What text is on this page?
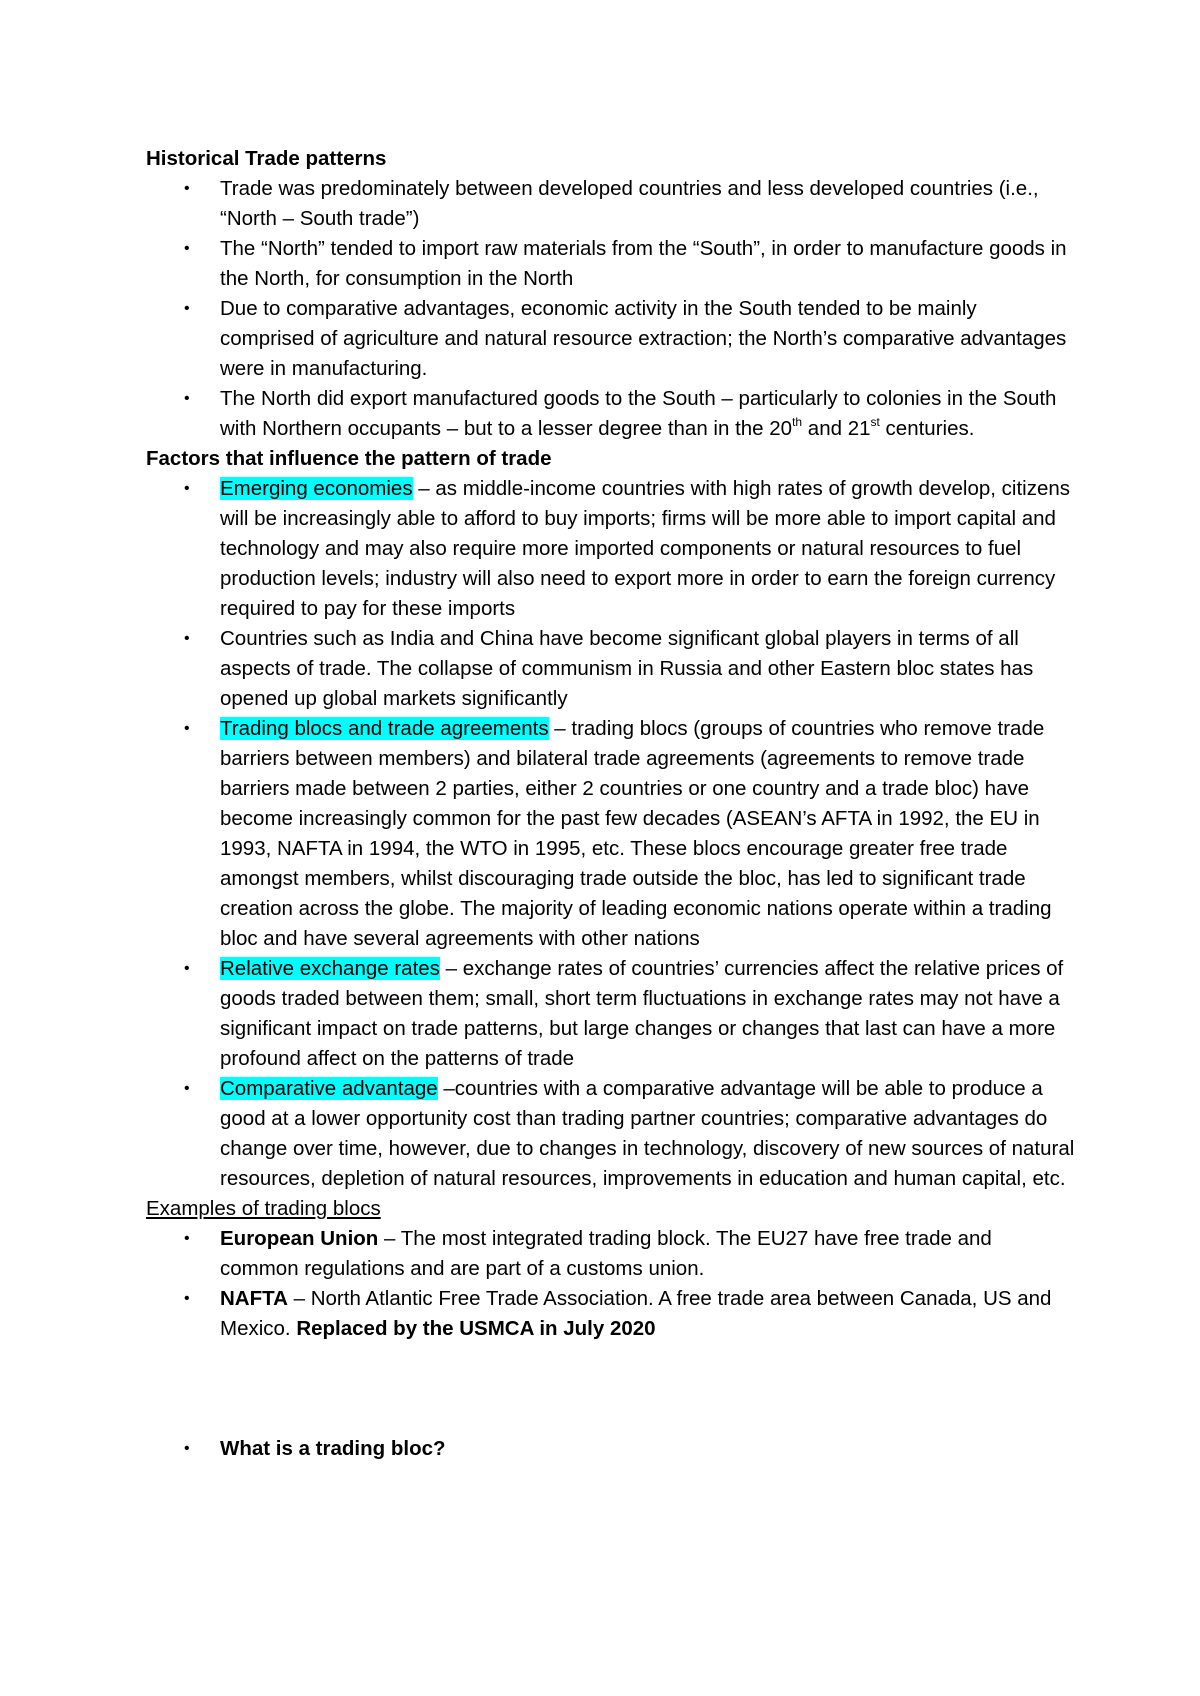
Historical Trade patterns

• Trade was predominately between developed countries and less developed countries (i.e., “North – South trade”)
• The “North” tended to import raw materials from the “South”, in order to manufacture goods in the North, for consumption in the North
• Due to comparative advantages, economic activity in the South tended to be mainly comprised of agriculture and natural resource extraction; the North’s comparative advantages were in manufacturing.
• The North did export manufactured goods to the South – particularly to colonies in the South with Northern occupants – but to a lesser degree than in the 20th and 21st centuries.

Factors that influence the pattern of trade

• Emerging economies – as middle-income countries with high rates of growth develop, citizens will be increasingly able to afford to buy imports; firms will be more able to import capital and technology and may also require more imported components or natural resources to fuel production levels; industry will also need to export more in order to earn the foreign currency required to pay for these imports
• Countries such as India and China have become significant global players in terms of all aspects of trade. The collapse of communism in Russia and other Eastern bloc states has opened up global markets significantly
• Trading blocs and trade agreements – trading blocs (groups of countries who remove trade barriers between members) and bilateral trade agreements (agreements to remove trade barriers made between 2 parties, either 2 countries or one country and a trade bloc) have become increasingly common for the past few decades (ASEAN’s AFTA in 1992, the EU in 1993, NAFTA in 1994, the WTO in 1995, etc. These blocs encourage greater free trade amongst members, whilst discouraging trade outside the bloc, has led to significant trade creation across the globe. The majority of leading economic nations operate within a trading bloc and have several agreements with other nations
• Relative exchange rates – exchange rates of countries’ currencies affect the relative prices of goods traded between them; small, short term fluctuations in exchange rates may not have a significant impact on trade patterns, but large changes or changes that last can have a more profound affect on the patterns of trade
• Comparative advantage –countries with a comparative advantage will be able to produce a good at a lower opportunity cost than trading partner countries; comparative advantages do change over time, however, due to changes in technology, discovery of new sources of natural resources, depletion of natural resources, improvements in education and human capital, etc.

Examples of trading blocs

• European Union – The most integrated trading block. The EU27 have free trade and common regulations and are part of a customs union.
• NAFTA – North Atlantic Free Trade Association. A free trade area between Canada, US and Mexico. Replaced by the USMCA in July 2020
• What is a trading bloc?
